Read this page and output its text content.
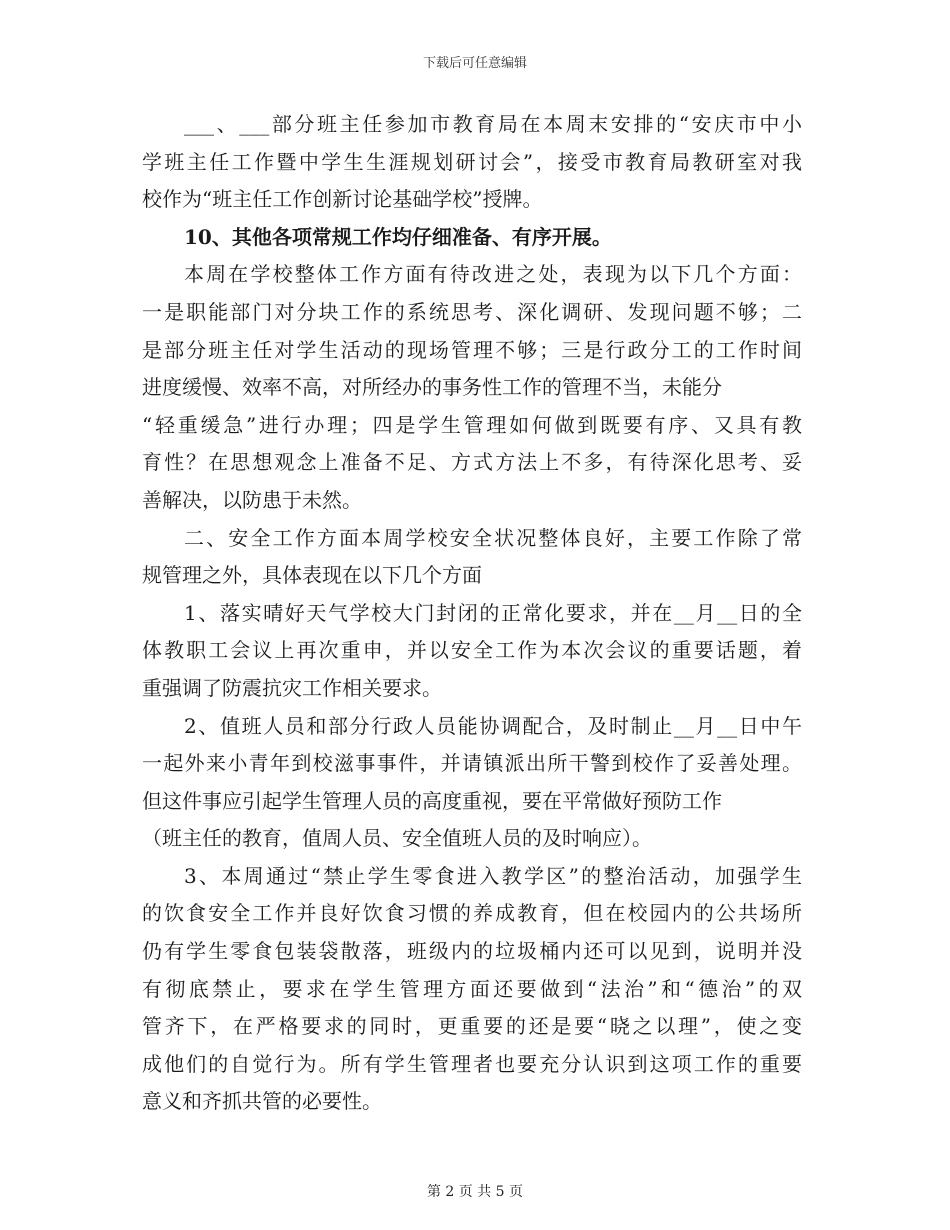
下载后可任意编辑
___、___部分班主任参加市教育局在本周末安排的“安庆市中小
学班主任工作暨中学生生涯规划研讨会”，接受市教育局教研室对我
校作为“班主任工作创新讨论基础学校”授牌。
10、其他各项常规工作均仔细准备、有序开展。
本周在学校整体工作方面有待改进之处，表现为以下几个方面：
一是职能部门对分块工作的系统思考、深化调研、发现问题不够；二
是部分班主任对学生活动的现场管理不够；三是行政分工的工作时间
进度缓慢、效率不高，对所经办的事务性工作的管理不当，未能分
“轻重缓急”进行办理；四是学生管理如何做到既要有序、又具有教
育性？在思想观念上准备不足、方式方法上不多，有待深化思考、妥
善解决，以防患于未然。
二、安全工作方面本周学校安全状况整体良好，主要工作除了常
规管理之外，具体表现在以下几个方面
1、落实晴好天气学校大门封闭的正常化要求，并在__月__日的全
体教职工会议上再次重申，并以安全工作为本次会议的重要话题，着
重强调了防震抗灾工作相关要求。
2、值班人员和部分行政人员能协调配合，及时制止__月__日中午
一起外来小青年到校滋事事件，并请镇派出所干警到校作了妥善处理。
但这件事应引起学生管理人员的高度重视，要在平常做好预防工作
（班主任的教育，值周人员、安全值班人员的及时响应）。
3、本周通过“禁止学生零食进入教学区”的整治活动，加强学生
的饮食安全工作并良好饮食习惯的养成教育，但在校园内的公共场所
仍有学生零食包装袋散落，班级内的垃圾桶内还可以见到，说明并没
有彻底禁止，要求在学生管理方面还要做到“法治”和“德治”的双
管齐下，在严格要求的同时，更重要的还是要“晓之以理”，使之变
成他们的自觉行为。所有学生管理者也要充分认识到这项工作的重要
意义和齐抓共管的必要性。
第 2 页 共 5 页
